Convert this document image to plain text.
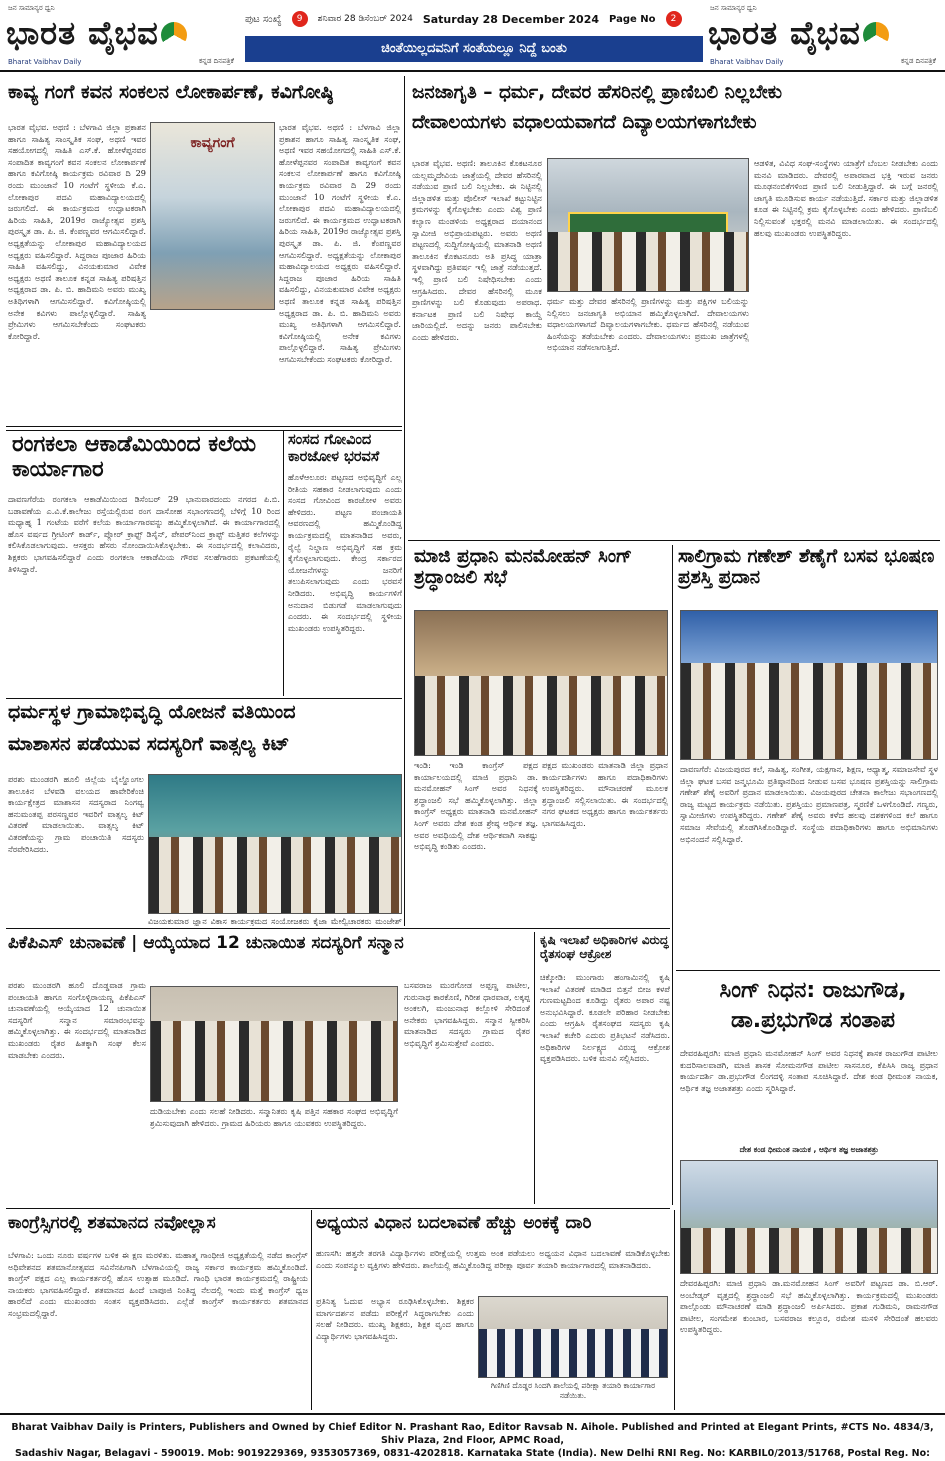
ಜನ ಸಾಮಾನ್ಯರ ಧ್ವನಿ
ಭಾರತ ವೈಭವ
Bharat Vaibhav Daily	ಕನ್ನಡ ದಿನಪತ್ರಿಕೆ
ಪುಟ ಸಂಖ್ಯೆ	9	ಶನಿವಾರ 28 ಡಿಸೆಂಬರ್ 2024 Saturday 28 December 2024 Page No	2
ಚಿಂತೆಯಿಲ್ಲದವನಿಗೆ ಸಂತೆಯಲ್ಲೂ ನಿದ್ದೆ ಬಂತು
ಜನ ಸಾಮಾನ್ಯರ ಧ್ವನಿ
ಭಾರತ ವೈಭವ
Bharat Vaibhav Daily	ಕನ್ನಡ ದಿನಪತ್ರಿಕೆ
ಕಾವ್ಯ ಗಂಗೆ ಕವನ ಸಂಕಲನ ಲೋಕಾರ್ಪಣೆ, ಕವಿಗೋಷ್ಠಿ
ಕಾವ್ಯಗಂಗೆ
ಭಾರತ ವೈಭವ. ಅಥಣಿ : ಬೆಳಗಾವಿ ಜಿಲ್ಲಾ ಪ್ರಕಾಶನ ಹಾಗೂ ಸಾಹಿತ್ಯ ಸಾಂಸ್ಕೃತಿಕ ಸಂಘ, ಅಥಣಿ ಇವರ ಸಹಯೋಗದಲ್ಲಿ ಸಾಹಿತಿ ಎಸ್.ಕೆ. ಹೋಳೆಪ್ಪನವರ ಸಂಪಾದಿತ ಕಾವ್ಯಗಂಗೆ ಕವನ ಸಂಕಲನ ಲೋಕಾರ್ಪಣೆ ಹಾಗೂ ಕವಿಗೋಷ್ಠಿ ಕಾರ್ಯಕ್ರಮ ರವಿವಾರ ದಿ 29 ರಂದು ಮುಂಜಾನೆ 10 ಗಂಟೆಗೆ ಸ್ಥಳೀಯ ಕೆ.ಎ. ಲೋಕಾಪುರ ಪದವಿ ಮಹಾವಿದ್ಯಾಲಯದಲ್ಲಿ ಜರುಗಲಿದೆ. ಈ ಕಾರ್ಯಕ್ರಮದ ಉದ್ಘಾಟಕರಾಗಿ ಹಿರಿಯ ಸಾಹಿತಿ, 2019ರ ರಾಜ್ಯೋತ್ಸವ ಪ್ರಶಸ್ತಿ ಪುರಸ್ಕೃತ ಡಾ. ಪಿ. ಜಿ. ಕೆಂಪಣ್ಣವರ ಆಗಮಿಸಲಿದ್ದಾರೆ. ಅಧ್ಯಕ್ಷತೆಯನ್ನು ಲೋಕಾಪುರ ಮಹಾವಿದ್ಯಾಲಯದ ಅಧ್ಯಕ್ಷರು ವಹಿಸಲಿದ್ದಾರೆ. ಸಿದ್ದರಾಜ ಪೂಜಾರ ಹಿರಿಯ ಸಾಹಿತಿ ವಹಿಸಲಿದ್ದು, ವಿನಯಕುಮಾರ ವಿವೇಕ ಅಧ್ಯಕ್ಷರು ಅಥಣಿ ತಾಲೂಕ ಕನ್ನಡ ಸಾಹಿತ್ಯ ಪರಿಷತ್ತಿನ ಅಧ್ಯಕ್ಷರಾದ ಡಾ. ಪಿ. ಬಿ. ಹಾದಿಮನಿ ಅವರು ಮುಖ್ಯ ಅತಿಥಿಗಳಾಗಿ ಆಗಮಿಸಲಿದ್ದಾರೆ. ಕವಿಗೋಷ್ಠಿಯಲ್ಲಿ ಅನೇಕ ಕವಿಗಳು ಪಾಲ್ಗೊಳ್ಳಲಿದ್ದಾರೆ. ಸಾಹಿತ್ಯ ಪ್ರೇಮಿಗಳು ಆಗಮಿಸಬೇಕೆಂದು ಸಂಘಟಕರು ಕೋರಿದ್ದಾರೆ.
ಭಾರತ ವೈಭವ. ಅಥಣಿ : ಬೆಳಗಾವಿ ಜಿಲ್ಲಾ ಪ್ರಕಾಶನ ಹಾಗೂ ಸಾಹಿತ್ಯ ಸಾಂಸ್ಕೃತಿಕ ಸಂಘ, ಅಥಣಿ ಇವರ ಸಹಯೋಗದಲ್ಲಿ ಸಾಹಿತಿ ಎಸ್.ಕೆ. ಹೋಳೆಪ್ಪನವರ ಸಂಪಾದಿತ ಕಾವ್ಯಗಂಗೆ ಕವನ ಸಂಕಲನ ಲೋಕಾರ್ಪಣೆ ಹಾಗೂ ಕವಿಗೋಷ್ಠಿ ಕಾರ್ಯಕ್ರಮ ರವಿವಾರ ದಿ 29 ರಂದು ಮುಂಜಾನೆ 10 ಗಂಟೆಗೆ ಸ್ಥಳೀಯ ಕೆ.ಎ. ಲೋಕಾಪುರ ಪದವಿ ಮಹಾವಿದ್ಯಾಲಯದಲ್ಲಿ ಜರುಗಲಿದೆ. ಈ ಕಾರ್ಯಕ್ರಮದ ಉದ್ಘಾಟಕರಾಗಿ ಹಿರಿಯ ಸಾಹಿತಿ, 2019ರ ರಾಜ್ಯೋತ್ಸವ ಪ್ರಶಸ್ತಿ ಪುರಸ್ಕೃತ ಡಾ. ಪಿ. ಜಿ. ಕೆಂಪಣ್ಣವರ ಆಗಮಿಸಲಿದ್ದಾರೆ. ಅಧ್ಯಕ್ಷತೆಯನ್ನು ಲೋಕಾಪುರ ಮಹಾವಿದ್ಯಾಲಯದ ಅಧ್ಯಕ್ಷರು ವಹಿಸಲಿದ್ದಾರೆ. ಸಿದ್ದರಾಜ ಪೂಜಾರ ಹಿರಿಯ ಸಾಹಿತಿ ವಹಿಸಲಿದ್ದು, ವಿನಯಕುಮಾರ ವಿವೇಕ ಅಧ್ಯಕ್ಷರು ಅಥಣಿ ತಾಲೂಕ ಕನ್ನಡ ಸಾಹಿತ್ಯ ಪರಿಷತ್ತಿನ ಅಧ್ಯಕ್ಷರಾದ ಡಾ. ಪಿ. ಬಿ. ಹಾದಿಮನಿ ಅವರು ಮುಖ್ಯ ಅತಿಥಿಗಳಾಗಿ ಆಗಮಿಸಲಿದ್ದಾರೆ. ಕವಿಗೋಷ್ಠಿಯಲ್ಲಿ ಅನೇಕ ಕವಿಗಳು ಪಾಲ್ಗೊಳ್ಳಲಿದ್ದಾರೆ. ಸಾಹಿತ್ಯ ಪ್ರೇಮಿಗಳು ಆಗಮಿಸಬೇಕೆಂದು ಸಂಘಟಕರು ಕೋರಿದ್ದಾರೆ.
ಜನಜಾಗೃತಿ – ಧರ್ಮ, ದೇವರ ಹೆಸರಿನಲ್ಲಿ ಪ್ರಾಣಿಬಲಿ ನಿಲ್ಲಬೇಕು
ದೇವಾಲಯಗಳು ವಧಾಲಯವಾಗದೆ ದಿವ್ಯಾಲಯಗಳಾಗಬೇಕು
ಭಾರತ ವೈಭವ. ಅಥಣಿ: ತಾಲೂಕಿನ ಕೊಕಟನೂರ ಯಲ್ಲಮ್ಮದೇವಿಯ ಜಾತ್ರೆಯಲ್ಲಿ ದೇವರ ಹೆಸರಿನಲ್ಲಿ ನಡೆಯುವ ಪ್ರಾಣಿ ಬಲಿ ನಿಲ್ಲಬೇಕು. ಈ ನಿಟ್ಟಿನಲ್ಲಿ ಜಿಲ್ಲಾಡಳಿತ ಮತ್ತು ಪೊಲೀಸ್ ಇಲಾಖೆ ಕಟ್ಟುನಿಟ್ಟಿನ ಕ್ರಮಗಳನ್ನು ಕೈಗೊಳ್ಳಬೇಕು ಎಂದು ವಿಶ್ವ ಪ್ರಾಣಿ ಕಲ್ಯಾಣ ಮಂಡಳಿಯ ಅಧ್ಯಕ್ಷರಾದ ದಯಾನಂದ ಸ್ವಾಮೀಜಿ ಅಭಿಪ್ರಾಯಪಟ್ಟರು. ಅವರು ಅಥಣಿ ಪಟ್ಟಣದಲ್ಲಿ ಸುದ್ದಿಗೋಷ್ಠಿಯಲ್ಲಿ ಮಾತನಾಡಿ ಅಥಣಿ ತಾಲೂಕಿನ ಕೊಕಟನೂರು ಅತಿ ಪ್ರಸಿದ್ಧ ಯಾತ್ರಾ ಸ್ಥಳವಾಗಿದ್ದು ಪ್ರತಿವರ್ಷ ಇಲ್ಲಿ ಜಾತ್ರೆ ನಡೆಯುತ್ತದೆ. ಇಲ್ಲಿ ಪ್ರಾಣಿ ಬಲಿ ನಿಷೇಧಿಸಬೇಕು ಎಂದು ಆಗ್ರಹಿಸಿದರು. ದೇವರ ಹೆಸರಿನಲ್ಲಿ ಮೂಕ ಪ್ರಾಣಿಗಳನ್ನು ಬಲಿ ಕೊಡುವುದು ಅಪರಾಧ. ಕರ್ನಾಟಕ ಪ್ರಾಣಿ ಬಲಿ ನಿಷೇಧ ಕಾಯ್ದೆ ಜಾರಿಯಲ್ಲಿದೆ. ಅದನ್ನು ಜನರು ಪಾಲಿಸಬೇಕು ಎಂದು ಹೇಳಿದರು.
ಧರ್ಮ ಮತ್ತು ದೇವರ ಹೆಸರಿನಲ್ಲಿ ಪ್ರಾಣಿಗಳನ್ನು ಮತ್ತು ಪಕ್ಷಿಗಳ ಬಲಿಯನ್ನು ನಿಲ್ಲಿಸಲು ಜನಜಾಗೃತಿ ಅಭಿಯಾನ ಹಮ್ಮಿಕೊಳ್ಳಲಾಗಿದೆ. ದೇವಾಲಯಗಳು ವಧಾಲಯಗಳಾಗದೆ ದಿವ್ಯಾಲಯಗಳಾಗಬೇಕು. ಧರ್ಮದ ಹೆಸರಿನಲ್ಲಿ ನಡೆಯುವ ಹಿಂಸೆಯನ್ನು ತಡೆಯಬೇಕು ಎಂದರು. ದೇವಾಲಯಗಳು: ಪ್ರಮುಖ ಜಾತ್ರೆಗಳಲ್ಲಿ ಅಭಿಯಾನ ನಡೆಸಲಾಗುತ್ತಿದೆ.
ಆಡಳಿತ, ವಿವಿಧ ಸಂಘ-ಸಂಸ್ಥೆಗಳು ಯಾತ್ರೆಗೆ ಬೆಂಬಲ ನೀಡಬೇಕು ಎಂದು ಮನವಿ ಮಾಡಿದರು. ದೇವರಲ್ಲಿ ಅಪಾರವಾದ ಭಕ್ತಿ ಇರುವ ಜನರು ಮೂಢನಂಬಿಕೆಗಳಿಂದ ಪ್ರಾಣಿ ಬಲಿ ನೀಡುತ್ತಿದ್ದಾರೆ. ಈ ಬಗ್ಗೆ ಜನರಲ್ಲಿ ಜಾಗೃತಿ ಮೂಡಿಸುವ ಕಾರ್ಯ ನಡೆಯುತ್ತಿದೆ. ಸರ್ಕಾರ ಮತ್ತು ಜಿಲ್ಲಾಡಳಿತ ಕೂಡ ಈ ನಿಟ್ಟಿನಲ್ಲಿ ಕ್ರಮ ಕೈಗೊಳ್ಳಬೇಕು ಎಂದು ಹೇಳಿದರು. ಪ್ರಾಣಿಬಲಿ ನಿಲ್ಲಿಸುವಂತೆ ಭಕ್ತರಲ್ಲಿ ಮನವಿ ಮಾಡಲಾಯಿತು. ಈ ಸಂದರ್ಭದಲ್ಲಿ ಹಲವು ಮುಖಂಡರು ಉಪಸ್ಥಿತರಿದ್ದರು.
ರಂಗಕಲಾ ಆಕಾಡೆಮಿಯಿಂದ ಕಲೆಯ ಕಾರ್ಯಾಗಾರ
ದಾವಣಗೆರೆಯ ರಂಗಕಲಾ ಆಕಾಡೆಮಿಯಿಂದ ಡಿಸೆಂಬರ್ 29 ಭಾನುವಾರದಂದು ನಗರದ ಪಿ.ಬಿ. ಬಡಾವಣೆಯ ಎ.ವಿ.ಕೆ.ಕಾಲೇಜು ರಸ್ತೆಯಲ್ಲಿರುವ ರಂಗ ದಾಸೋಹ ಸಭಾಂಗಣದಲ್ಲಿ ಬೆಳಿಗ್ಗೆ 10 ರಿಂದ ಮಧ್ಯಾಹ್ನ 1 ಗಂಟೆಯ ವರೆಗೆ ಕಲೆಯ ಕಾರ್ಯಾಗಾರವನ್ನು ಹಮ್ಮಿಕೊಳ್ಳಲಾಗಿದೆ. ಈ ಕಾರ್ಯಾಗಾರದಲ್ಲಿ ಹೊಸ ವರ್ಷದ ಗ್ರೀಟಿಂಗ್ ಕಾರ್ಡ್, ಪ್ಲೋರ್ ಕ್ರಾಫ್ಟ್ ಡಿಸೈನ್, ಪೇಪರ್‌ನಿಂದ ಕ್ರಾಪ್ಟ್ ಮತ್ತಿತರ ಕಲೆಗಳನ್ನು ಕಲಿಸಿಕೊಡಲಾಗುವುದು. ಆಸಕ್ತರು ಹೆಸರು ನೋಂದಾಯಿಸಿಕೊಳ್ಳಬೇಕು. ಈ ಸಂದರ್ಭದಲ್ಲಿ ಕಲಾವಿದರು, ಶಿಕ್ಷಕರು ಭಾಗವಹಿಸಲಿದ್ದಾರೆ ಎಂದು ರಂಗಕಲಾ ಆಕಾಡೆಮಿಯ ಗೌರವ ಸಲಹೆಗಾರರು ಪ್ರಕಟಣೆಯಲ್ಲಿ ತಿಳಿಸಿದ್ದಾರೆ.
ಸಂಸದ ಗೋವಿಂದ ಕಾರಜೋಳ ಭರವಸೆ
ಹೊಳೆಆಲೂರ: ಪಟ್ಟಣದ ಅಭಿವೃದ್ಧಿಗೆ ಎಲ್ಲ ರೀತಿಯ ಸಹಕಾರ ನೀಡಲಾಗುವುದು ಎಂದು ಸಂಸದ ಗೋವಿಂದ ಕಾರಜೋಳ ಅವರು ಹೇಳಿದರು. ಪಟ್ಟಣ ಪಂಚಾಯತಿ ಆವರಣದಲ್ಲಿ ಹಮ್ಮಿಕೊಂಡಿದ್ದ ಕಾರ್ಯಕ್ರಮದಲ್ಲಿ ಮಾತನಾಡಿದ ಅವರು, ರೈಲ್ವೆ ನಿಲ್ದಾಣ ಅಭಿವೃದ್ಧಿಗೆ ಸಹ ಕ್ರಮ ಕೈಗೊಳ್ಳಲಾಗುವುದು. ಕೇಂದ್ರ ಸರ್ಕಾರದ ಯೋಜನೆಗಳನ್ನು ಜನರಿಗೆ ತಲುಪಿಸಲಾಗುವುದು ಎಂದು ಭರವಸೆ ನೀಡಿದರು. ಅಭಿವೃದ್ಧಿ ಕಾರ್ಯಗಳಿಗೆ ಅನುದಾನ ಬಿಡುಗಡೆ ಮಾಡಲಾಗುವುದು ಎಂದರು. ಈ ಸಂದರ್ಭದಲ್ಲಿ ಸ್ಥಳೀಯ ಮುಖಂಡರು ಉಪಸ್ಥಿತರಿದ್ದರು.
ಮಾಜಿ ಪ್ರಧಾನಿ ಮನಮೋಹನ್ ಸಿಂಗ್ ಶ್ರದ್ಧಾಂಜಲಿ ಸಭೆ
ಇಂಡಿ: ಇಂಡಿ ಕಾಂಗ್ರೆಸ್ ಪಕ್ಷದ ಕಾರ್ಯಾಲಯದಲ್ಲಿ ಮಾಜಿ ಪ್ರಧಾನಿ ಡಾ. ಮನಮೋಹನ್ ಸಿಂಗ್ ಅವರ ನಿಧನಕ್ಕೆ ಶ್ರದ್ಧಾಂಜಲಿ ಸಭೆ ಹಮ್ಮಿಕೊಳ್ಳಲಾಗಿತ್ತು. ಜಿಲ್ಲಾ ಕಾಂಗ್ರೆಸ್ ಅಧ್ಯಕ್ಷರು ಮಾತನಾಡಿ ಮನಮೋಹನ್ ಸಿಂಗ್ ಅವರು ದೇಶ ಕಂಡ ಶ್ರೇಷ್ಠ ಆರ್ಥಿಕ ತಜ್ಞ. ಅವರ ಅವಧಿಯಲ್ಲಿ ದೇಶ ಆರ್ಥಿಕವಾಗಿ ಸಾಕಷ್ಟು ಅಭಿವೃದ್ಧಿ ಕಂಡಿತು ಎಂದರು.
ಪಕ್ಷದ ಮುಖಂಡರು ಮಾತನಾಡಿ ಜಿಲ್ಲಾ ಪ್ರಧಾನ ಕಾರ್ಯದರ್ಶಿಗಳು ಹಾಗೂ ಪದಾಧಿಕಾರಿಗಳು ಉಪಸ್ಥಿತರಿದ್ದರು. ಮೌನಾಚರಣೆ ಮೂಲಕ ಶ್ರದ್ಧಾಂಜಲಿ ಸಲ್ಲಿಸಲಾಯಿತು. ಈ ಸಂದರ್ಭದಲ್ಲಿ ನಗರ ಘಟಕದ ಅಧ್ಯಕ್ಷರು ಹಾಗೂ ಕಾರ್ಯಕರ್ತರು ಭಾಗವಹಿಸಿದ್ದರು.
ಸಾಲಿಗ್ರಾಮ ಗಣೇಶ್ ಶೆಣೈಗೆ ಬಸವ ಭೂಷಣ ಪ್ರಶಸ್ತಿ ಪ್ರದಾನ
ದಾವಣಗೆರೆ: ವಿಜಯಪುರದ ಕಲೆ, ಸಾಹಿತ್ಯ, ಸಂಗೀತ, ಯಕ್ಷಗಾನ, ಶಿಕ್ಷಣ, ಆಧ್ಯಾತ್ಮ, ಸಮಾಜಸೇವೆ ಸ್ಥಳ ಜಿಲ್ಲಾ ಘಟಕ ಬಸವ ಜನ್ಮಭೂಮಿ ಪ್ರತಿಷ್ಠಾನದಿಂದ ನೀಡುವ ಬಸವ ಭೂಷಣ ಪ್ರಶಸ್ತಿಯನ್ನು ಸಾಲಿಗ್ರಾಮ ಗಣೇಶ್ ಶೆಣೈ ಅವರಿಗೆ ಪ್ರದಾನ ಮಾಡಲಾಯಿತು. ವಿಜಯಪುರದ ಚೇತನಾ ಕಾಲೇಜು ಸಭಾಂಗಣದಲ್ಲಿ ರಾಜ್ಯ ಮಟ್ಟದ ಕಾರ್ಯಕ್ರಮ ನಡೆಯಿತು. ಪ್ರಶಸ್ತಿಯು ಪ್ರಮಾಣಪತ್ರ, ಸ್ಮರಣಿಕೆ ಒಳಗೊಂಡಿದೆ. ಗಣ್ಯರು, ಸ್ವಾಮೀಜಿಗಳು ಉಪಸ್ಥಿತರಿದ್ದರು. ಗಣೇಶ್ ಶೆಣೈ ಅವರು ಕಳೆದ ಹಲವು ದಶಕಗಳಿಂದ ಕಲೆ ಹಾಗೂ ಸಮಾಜ ಸೇವೆಯಲ್ಲಿ ತೊಡಗಿಸಿಕೊಂಡಿದ್ದಾರೆ. ಸಂಸ್ಥೆಯ ಪದಾಧಿಕಾರಿಗಳು ಹಾಗೂ ಅಭಿಮಾನಿಗಳು ಅಭಿನಂದನೆ ಸಲ್ಲಿಸಿದ್ದಾರೆ.
ಧರ್ಮಸ್ಥಳ ಗ್ರಾಮಾಭಿವೃದ್ಧಿ ಯೋಜನೆ ವತಿಯಿಂದ
ಮಾಶಾಸನ ಪಡೆಯುವ ಸದಸ್ಯರಿಗೆ ವಾತ್ಸಲ್ಯ ಕಿಟ್
ಪರಶು ಮುಂಡರಗಿ ಹೂಲಿ ಜಿಲ್ಲೆಯ ಬೈಲ್ಹೊಂಗಲ ತಾಲೂಕಿನ ಬೆಳವಡಿ ವಲಯದ ಹಾವೇರಿಕೆಂಚಿ ಕಾರ್ಯಕ್ಷೇತ್ರದ ಮಾಶಾಸನ ಸದಸ್ಯರಾದ ನಿಂಗವ್ವ ಹನುಮಂತಪ್ಪ ಪರಸಣ್ಣವರ ಇವರಿಗೆ ವಾತ್ಸಲ್ಯ ಕಿಟ್ ವಿತರಣೆ ಮಾಡಲಾಯಿತು. ವಾತ್ಸಲ್ಯ ಕಿಟ್ ವಿತರಣೆಯನ್ನು ಗ್ರಾಮ ಪಂಚಾಯಿತಿ ಸದಸ್ಯರು ನೆರವೇರಿಸಿದರು.
ವಿಜಯಕುಮಾರ ಜ್ಞಾನ ವಿಕಾಸ ಕಾರ್ಯಕ್ರಮದ ಸಂಯೋಜಕರು ಕೈಜಾ ಮೇಲ್ವಿಚಾರಕರು ಮಂಜೇಶ್
ಪಿಕೆಪಿಎಸ್ ಚುನಾವಣೆ | ಆಯ್ಕೆಯಾದ 12 ಚುನಾಯಿತ ಸದಸ್ಯರಿಗೆ ಸನ್ಮಾನ
ಪರಶು ಮುಂಡರಗಿ ಹೂಲಿ ದೊಡ್ಡವಾಡ ಗ್ರಾಮ ಪಂಚಾಯತಿ ಹಾಗೂ ಸಂಗೊಳ್ಳಿರಾಯಣ್ಣ ಪಿಕೆಪಿಎಸ್ ಚುನಾವಣೆಯಲ್ಲಿ ಆಯ್ಕೆಯಾದ 12 ಚುನಾಯಿತ ಸದಸ್ಯರಿಗೆ ಸನ್ಮಾನ ಸಮಾರಂಭವನ್ನು ಹಮ್ಮಿಕೊಳ್ಳಲಾಗಿತ್ತು. ಈ ಸಂದರ್ಭದಲ್ಲಿ ಮಾತನಾಡಿದ ಮುಖಂಡರು ರೈತರ ಹಿತಕ್ಕಾಗಿ ಸಂಘ ಕೆಲಸ ಮಾಡಬೇಕು ಎಂದರು.
ದುಡಿಯಬೇಕು ಎಂದು ಸಲಹೆ ನೀಡಿದರು. ಸನ್ಮಾನಿತರು ಕೃಷಿ ಪತ್ತಿನ ಸಹಕಾರ ಸಂಘದ ಅಭಿವೃದ್ಧಿಗೆ ಶ್ರಮಿಸುವುದಾಗಿ ಹೇಳಿದರು. ಗ್ರಾಮದ ಹಿರಿಯರು ಹಾಗೂ ಯುವಕರು ಉಪಸ್ಥಿತರಿದ್ದರು.
ಬಸವರಾಜ ಮುರಗೋಡ ಅಪ್ಪಣ್ಣ ಪಾಟೀಲ, ಗುರುನಾಥ ಕಾರಕೊಣಿ, ಗಿರೀಶ ಧಾರವಾಡ, ಲಕ್ಕಪ್ಪ ಅಂಕಲಗಿ, ಮಂಜುನಾಥ ಕಲ್ಲೋಳಿ ಸೇರಿದಂತೆ ಅನೇಕರು ಭಾಗವಹಿಸಿದ್ದರು. ಸನ್ಮಾನ ಸ್ವೀಕರಿಸಿ ಮಾತನಾಡಿದ ಸದಸ್ಯರು ಗ್ರಾಮದ ರೈತರ ಅಭಿವೃದ್ಧಿಗೆ ಶ್ರಮಿಸುತ್ತೇವೆ ಎಂದರು.
ಕೃಷಿ ಇಲಾಖೆ ಅಧಿಕಾರಿಗಳ ವಿರುದ್ಧ ರೈತಸಂಘ ಆಕ್ರೋಶ
ಚಿಕ್ಕೋಡಿ: ಮುಂಗಾರು ಹಂಗಾಮಿನಲ್ಲಿ ಕೃಷಿ ಇಲಾಖೆ ವಿತರಣೆ ಮಾಡಿದ ಬಿತ್ತನೆ ಬೀಜ ಕಳಪೆ ಗುಣಮಟ್ಟದಿಂದ ಕೂಡಿದ್ದು ರೈತರು ಅಪಾರ ನಷ್ಟ ಅನುಭವಿಸಿದ್ದಾರೆ. ಕೂಡಲೇ ಪರಿಹಾರ ನೀಡಬೇಕು ಎಂದು ಆಗ್ರಹಿಸಿ ರೈತಸಂಘದ ಸದಸ್ಯರು ಕೃಷಿ ಇಲಾಖೆ ಕಚೇರಿ ಎದುರು ಪ್ರತಿಭಟನೆ ನಡೆಸಿದರು. ಅಧಿಕಾರಿಗಳ ನಿರ್ಲಕ್ಷ್ಯದ ವಿರುದ್ಧ ಆಕ್ರೋಶ ವ್ಯಕ್ತಪಡಿಸಿದರು. ಬಳಿಕ ಮನವಿ ಸಲ್ಲಿಸಿದರು.
ಸಿಂಗ್ ನಿಧನ: ರಾಜುಗೌಡ,
ಡಾ.ಪ್ರಭುಗೌಡ ಸಂತಾಪ
ದೇವರಹಿಪ್ಪರಗಿ: ಮಾಜಿ ಪ್ರಧಾನಿ ಮನಮೋಹನ್ ಸಿಂಗ್ ಅವರ ನಿಧನಕ್ಕೆ ಶಾಸಕ ರಾಜುಗೌಡ ಪಾಟೀಲ ಕುದರಿಸಾಲವಾಡಗಿ, ಮಾಜಿ ಶಾಸಕ ಸೋಮನಗೌಡ ಪಾಟೀಲ ಸಾಸನೂರ, ಕೆಪಿಸಿಸಿ ರಾಜ್ಯ ಪ್ರಧಾನ ಕಾರ್ಯದರ್ಶಿ ಡಾ.ಪ್ರಭುಗೌಡ ಲಿಂಗದಳ್ಳಿ ಸಂತಾಪ ಸೂಚಿಸಿದ್ದಾರೆ. ದೇಶ ಕಂಡ ಧೀಮಂತ ನಾಯಕ, ಆರ್ಥಿಕ ತಜ್ಞ ಅಜಾತಶತ್ರು ಎಂದು ಸ್ಮರಿಸಿದ್ದಾರೆ.
ದೇಶ ಕಂಡ ಧೀಮಂತ ನಾಯಕ , ಆರ್ಥಿಕ ತಜ್ಞ ಅಜಾತಶತ್ರು
ದೇವರಹಿಪ್ಪರಗಿ: ಮಾಜಿ ಪ್ರಧಾನಿ ಡಾ.ಮನಮೋಹನ ಸಿಂಗ್ ಅವರಿಗೆ ಪಟ್ಟಣದ ಡಾ. ಬಿ.ಆರ್. ಅಂಬೇಡ್ಕರ್ ವೃತ್ತದಲ್ಲಿ ಶ್ರದ್ಧಾಂಜಲಿ ಸಭೆ ಹಮ್ಮಿಕೊಳ್ಳಲಾಗಿತ್ತು. ಕಾರ್ಯಕ್ರಮದಲ್ಲಿ ಮುಖಂಡರು ಪಾಲ್ಗೊಂಡು ಮೌನಾಚರಣೆ ಮಾಡಿ ಶ್ರದ್ಧಾಂಜಲಿ ಅರ್ಪಿಸಿದರು. ಪ್ರಕಾಶ ಗುಡಿಮನಿ, ರಾಮನಗೌಡ ಪಾಟೀಲ, ಸಂಗಮೇಶ ಕುಂಬಾರ, ಬಸವರಾಜ ಕಲ್ಲೂರ, ರಮೇಶ ಮಸಳಿ ಸೇರಿದಂತೆ ಹಲವರು ಉಪಸ್ಥಿತರಿದ್ದರು.
ಕಾಂಗ್ರೆಸ್ಸಿಗರಲ್ಲಿ ಶತಮಾನದ ನವೋಲ್ಲಾಸ
ಬೆಳಗಾವಿ: ಒಂದು ನೂರು ವರ್ಷಗಳ ಬಳಿಕ ಈ ಕ್ಷಣ ಮರಳಿತು. ಮಹಾತ್ಮ ಗಾಂಧೀಜಿ ಅಧ್ಯಕ್ಷತೆಯಲ್ಲಿ ನಡೆದ ಕಾಂಗ್ರೆಸ್ ಅಧಿವೇಶನದ ಶತಮಾನೋತ್ಸವದ ಸವಿನೆನಪಿಗಾಗಿ ಬೆಳಗಾವಿಯಲ್ಲಿ ರಾಜ್ಯ ಸರ್ಕಾರ ಕಾರ್ಯಕ್ರಮ ಹಮ್ಮಿಕೊಂಡಿದೆ. ಕಾಂಗ್ರೆಸ್ ಪಕ್ಷದ ಎಲ್ಲ ಕಾರ್ಯಕರ್ತರಲ್ಲಿ ಹೊಸ ಉತ್ಸಾಹ ಮೂಡಿದೆ. ಗಾಂಧಿ ಭಾರತ ಕಾರ್ಯಕ್ರಮದಲ್ಲಿ ರಾಷ್ಟ್ರೀಯ ನಾಯಕರು ಭಾಗವಹಿಸಲಿದ್ದಾರೆ. ಶತಮಾನದ ಹಿಂದೆ ಬಾಪೂಜಿ ನಿಂತಿದ್ದ ನೆಲದಲ್ಲಿ ಇಂದು ಮತ್ತೆ ಕಾಂಗ್ರೆಸ್ ಧ್ವಜ ಹಾರಲಿದೆ ಎಂದು ಮುಖಂಡರು ಸಂತಸ ವ್ಯಕ್ತಪಡಿಸಿದರು. ಎಲ್ಲೆಡೆ ಕಾಂಗ್ರೆಸ್ ಕಾರ್ಯಕರ್ತರು ಶತಮಾನದ ಸಂಭ್ರಮದಲ್ಲಿದ್ದಾರೆ.
ಅಧ್ಯಯನ ವಿಧಾನ ಬದಲಾವಣೆ ಹೆಚ್ಚು ಅಂಕಕ್ಕೆ ದಾರಿ
ಹುಣಸಗಿ: ಹತ್ತನೇ ತರಗತಿ ವಿದ್ಯಾರ್ಥಿಗಳು ಪರೀಕ್ಷೆಯಲ್ಲಿ ಉತ್ತಮ ಅಂಕ ಪಡೆಯಲು ಅಧ್ಯಯನ ವಿಧಾನ ಬದಲಾವಣೆ ಮಾಡಿಕೊಳ್ಳಬೇಕು ಎಂದು ಸಂಪನ್ಮೂಲ ವ್ಯಕ್ತಿಗಳು ಹೇಳಿದರು. ಶಾಲೆಯಲ್ಲಿ ಹಮ್ಮಿಕೊಂಡಿದ್ದ ಪರೀಕ್ಷಾ ಪೂರ್ವ ತಯಾರಿ ಕಾರ್ಯಾಗಾರದಲ್ಲಿ ಮಾತನಾಡಿದರು.
ಪ್ರತಿನಿತ್ಯ ಓದುವ ಅಭ್ಯಾಸ ರೂಢಿಸಿಕೊಳ್ಳಬೇಕು. ಶಿಕ್ಷಕರ ಮಾರ್ಗದರ್ಶನ ಪಡೆದು ಪರೀಕ್ಷೆಗೆ ಸಿದ್ಧರಾಗಬೇಕು ಎಂದು ಸಲಹೆ ನೀಡಿದರು. ಮುಖ್ಯ ಶಿಕ್ಷಕರು, ಶಿಕ್ಷಕ ವೃಂದ ಹಾಗೂ ವಿದ್ಯಾರ್ಥಿಗಳು ಭಾಗವಹಿಸಿದ್ದರು.
ಗಿಣಿಗಿಣಿ ದೊಡ್ಡರ ಸಿಂದಗಿ ಶಾಲೆಯಲ್ಲಿ ಪರೀಕ್ಷಾ ತಯಾರಿ ಕಾರ್ಯಾಗಾರ ನಡೆಯಿತು.
Bharat Vaibhav Daily is Printers, Publishers and Owned by Chief Editor N. Prashant Rao, Editor Ravsab N. Aihole. Published and Printed at Elegant Prints, #CTS No. 4834/3, Shiv Plaza, 2nd Floor, APMC Road,
Sadashiv Nagar, Belagavi - 590019. Mob: 9019229369, 9353057369, 0831-4202818. Karnataka State (India). New Delhi RNI Reg. No: KARBIL0/2013/51768, Postal Reg. No:
